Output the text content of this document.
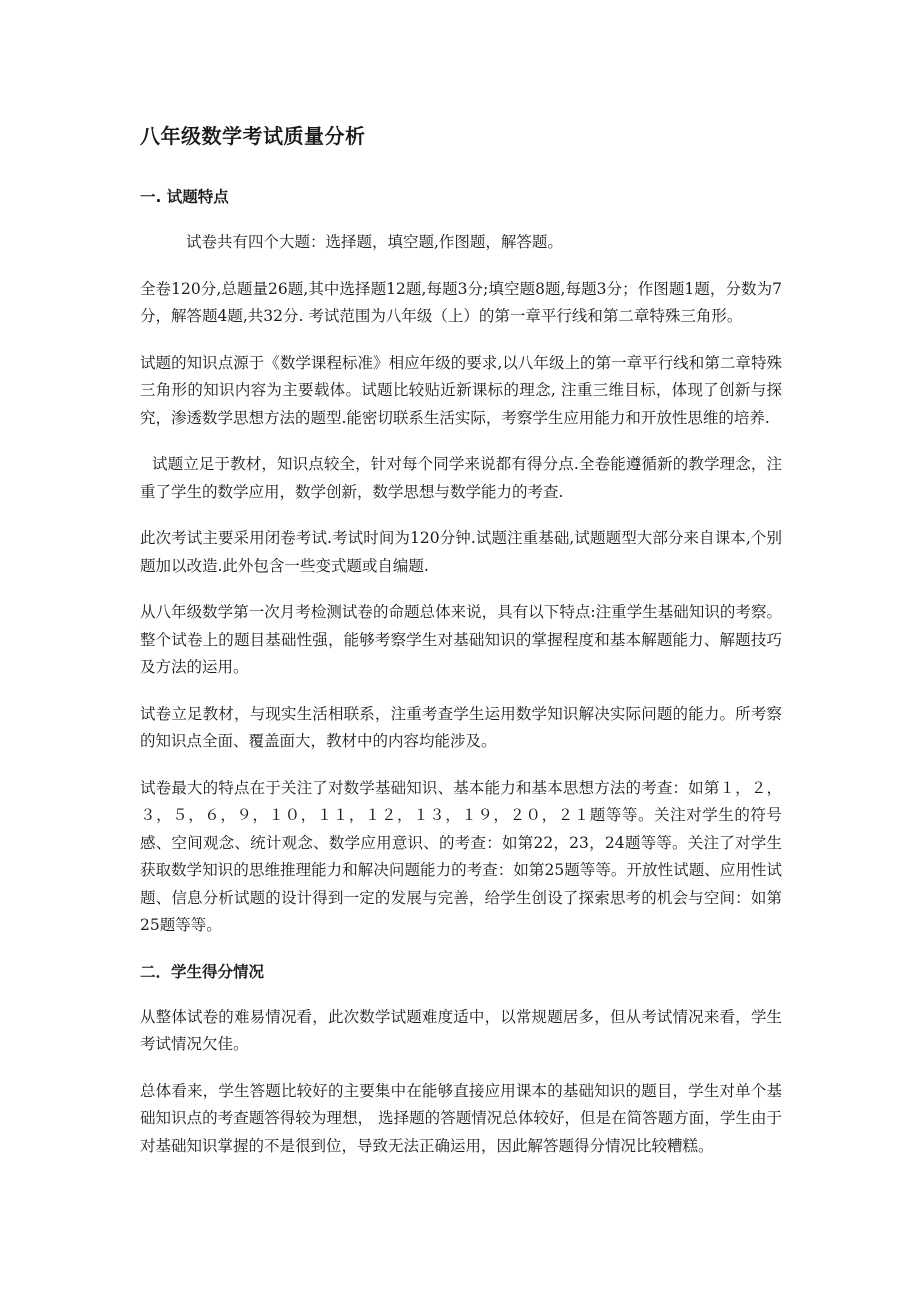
八年级数学考试质量分析
一. 试题特点

试卷共有四个大题：选择题，填空题,作图题，解答题。

全卷120分,总题量26题,其中选择题12题,每题3分;填空题8题,每题3分；作图题1题，分数为7分，解答题4题,共32分. 考试范围为八年级（上）的第一章平行线和第二章特殊三角形。

试题的知识点源于《数学课程标准》相应年级的要求,以八年级上的第一章平行线和第二章特殊三角形的知识内容为主要载体。试题比较贴近新课标的理念, 注重三维目标，体现了创新与探究，渗透数学思想方法的题型.能密切联系生活实际，考察学生应用能力和开放性思维的培养.

试题立足于教材，知识点较全，针对每个同学来说都有得分点.全卷能遵循新的教学理念，注重了学生的数学应用，数学创新，数学思想与数学能力的考查.

此次考试主要采用闭卷考试.考试时间为120分钟.试题注重基础,试题题型大部分来自课本,个别题加以改造.此外包含一些变式题或自编题.

从八年级数学第一次月考检测试卷的命题总体来说，具有以下特点:注重学生基础知识的考察。整个试卷上的题目基础性强，能够考察学生对基础知识的掌握程度和基本解题能力、解题技巧及方法的运用。

试卷立足教材，与现实生活相联系，注重考查学生运用数学知识解决实际问题的能力。所考察的知识点全面、覆盖面大，教材中的内容均能涉及。

试卷最大的特点在于关注了对数学基础知识、基本能力和基本思想方法的考查：如第１，２，３，５，６，９，１０，１１，１２，１３，１９，２０，２１题等等。关注对学生的符号感、空间观念、统计观念、数学应用意识、的考查：如第22，23，24题等等。关注了对学生获取数学知识的思维推理能力和解决问题能力的考查：如第25题等等。开放性试题、应用性试题、信息分析试题的设计得到一定的发展与完善，给学生创设了探索思考的机会与空间：如第25题等等。

二．学生得分情况

从整体试卷的难易情况看，此次数学试题难度适中，以常规题居多，但从考试情况来看，学生考试情况欠佳。

总体看来，学生答题比较好的主要集中在能够直接应用课本的基础知识的题目，学生对单个基础知识点的考查题答得较为理想， 选择题的答题情况总体较好，但是在简答题方面，学生由于对基础知识掌握的不是很到位，导致无法正确运用，因此解答题得分情况比较糟糕。
